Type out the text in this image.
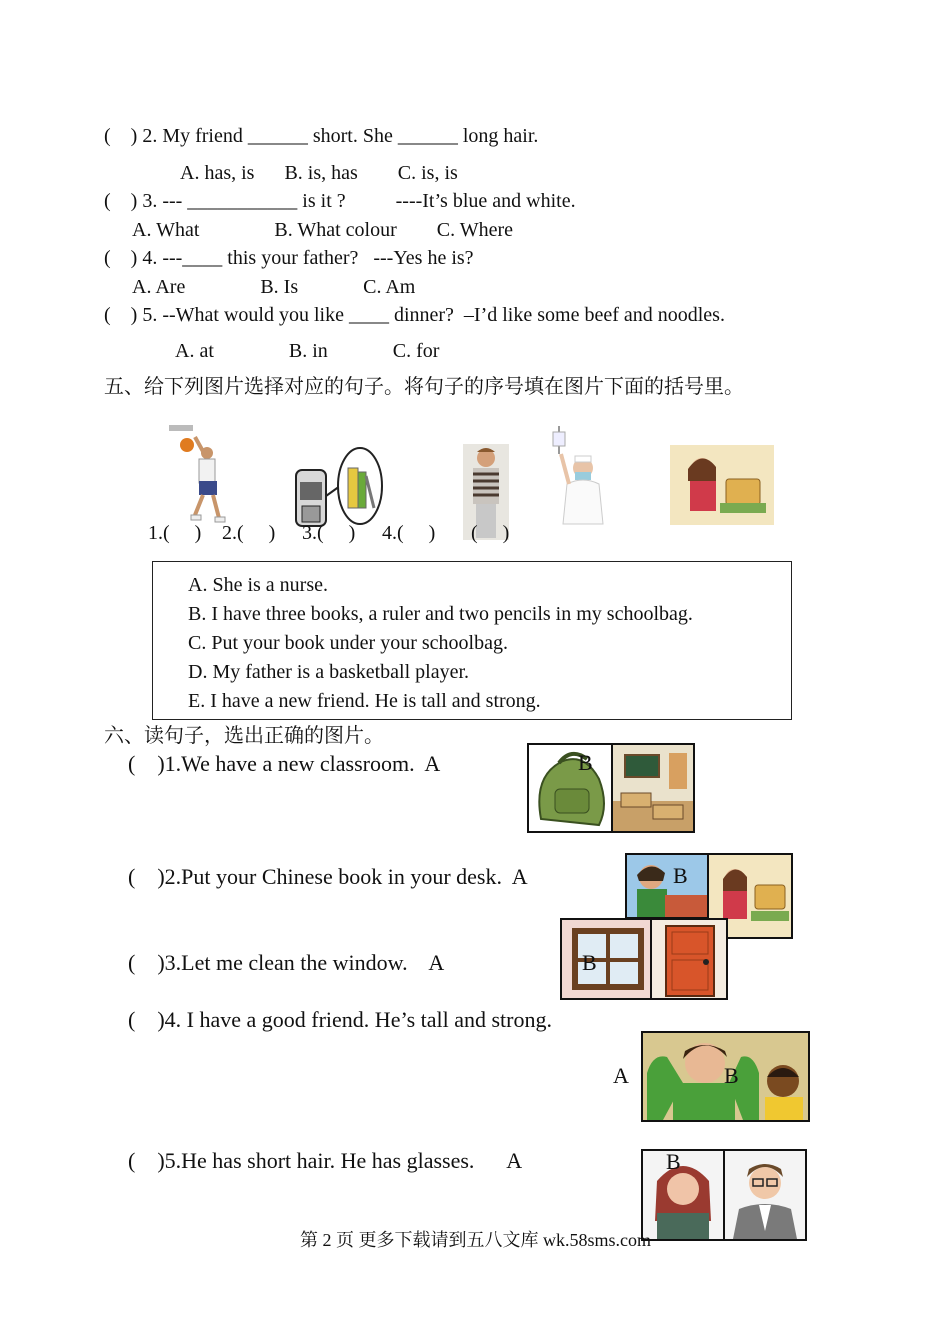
(    ) 2. My friend ______ short. She ______ long hair.
A. has, is      B. is, has        C. is, is
(    ) 3. --- ___________ is it ?          ----It’s blue and white.
A. What               B. What colour        C. Where
(    ) 4. ---____ this your father?   ---Yes he is?
A. Are               B. Is             C. Am
(    ) 5. --What would you like ____ dinner?  –I’d like some beef and noodles.
A. at               B. in             C. for
五、给下列图片选择对应的句子。将句子的序号填在图片下面的括号里。
1.(     ) 2.(     ) 3.(     ) 4.(     ) (     )
A. She is a nurse.
B. I have three books, a ruler and two pencils in my schoolbag.
C. Put your book under your schoolbag.
D. My father is a basketball player.
E. I have a new friend. He is tall and strong.
六、读句子，选出正确的图片。
(    )1.We have a new classroom.  A	B
(    )2.Put your Chinese book in your desk.  A	B
(    )3.Let me clean the window.    A	B
(    )4. I have a good friend. He’s tall and strong.
A	B
(    )5.He has short hair. He has glasses.      A	B
第 2 页 更多下载请到五八文库 wk.58sms.com
